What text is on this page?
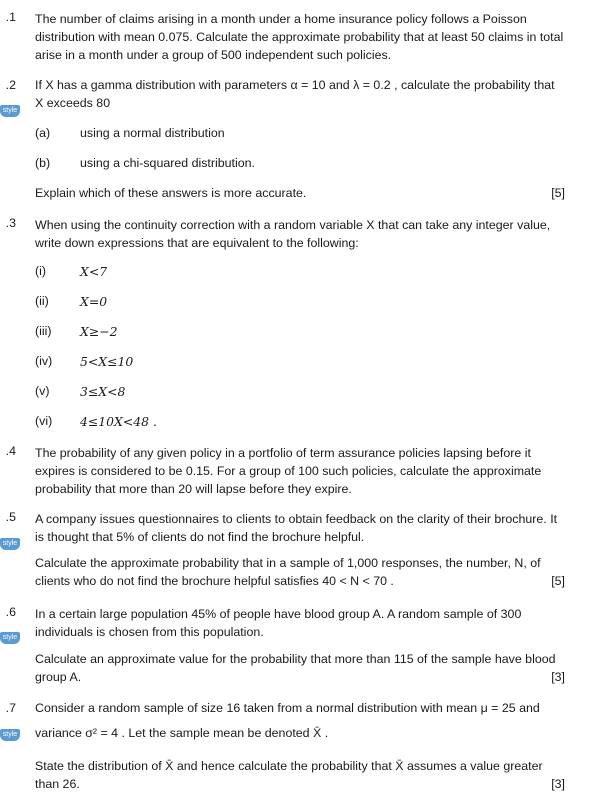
.1 The number of claims arising in a month under a home insurance policy follows a Poisson distribution with mean 0.075. Calculate the approximate probability that at least 50 claims in total arise in a month under a group of 500 independent such policies.
.2
style
If X has a gamma distribution with parameters α = 10 and λ = 0.2 , calculate the probability that
X exceeds 80
(a) using a normal distribution
(b) using a chi-squared distribution.
Explain which of these answers is more accurate.	[5]
.3 When using the continuity correction with a random variable X that can take any integer value, write down expressions that are equivalent to the following:
(i)	X<7
(ii)	X=0
(iii) X≥−2
(iv) 5<X≤10
(v) 3≤X<8
(vi) 4≤10X<48 .
.4 The probability of any given policy in a portfolio of term assurance policies lapsing before it expires is considered to be 0.15. For a group of 100 such policies, calculate the approximate probability that more than 20 will lapse before they expire.
.5
style
A company issues questionnaires to clients to obtain feedback on the clarity of their brochure. It is thought that 5% of clients do not find the brochure helpful.
Calculate the approximate probability that in a sample of 1,000 responses, the number, N, of
clients who do not find the brochure helpful satisfies 40 < N < 70 .	[5]
.6
style
In a certain large population 45% of people have blood group A. A random sample of 300 individuals is chosen from this population.
Calculate an approximate value for the probability that more than 115 of the sample have blood
group A.	[3]
.7
style
Consider a random sample of size 16 taken from a normal distribution with mean μ = 25 and
variance σ² = 4 . Let the sample mean be denoted X̄ .
State the distribution of X̄ and hence calculate the probability that X̄ assumes a value greater
than 26.	[3]
